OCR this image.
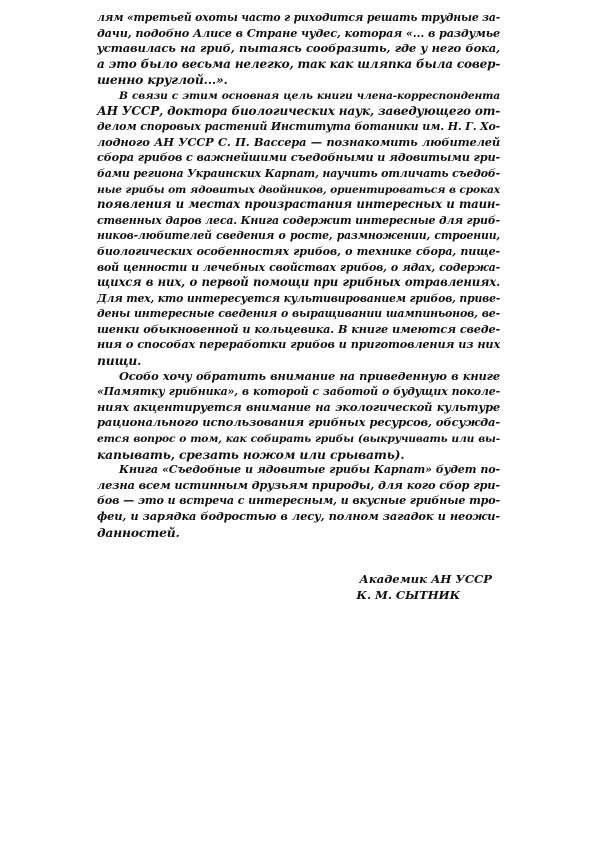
лям «третьей охоты часто г риходится решать трудные за-
дачи, подобно Алисе в Стране чудес, которая «... в раздумье
уставилась на гриб, пытаясь сообразить, где у него бока,
а это было весьма нелегко, так как шляпка была совер-
шенно круглой...».
В связи с этим основная цель книги члена-корреспондента
АН УССР, доктора биологических наук, заведующего от-
делом споровых растений Института ботаники им. Н. Г. Хо-
лодного АН УССР С. П. Вассера — познакомить любителей
сбора грибов с важнейшими съедобными и ядовитыми гри-
бами региона Украинских Карпат, научить отличать съедоб-
ные грибы от ядовитых двойников, ориентироваться в сроках
появления и местах произрастания интересных и таин-
ственных даров леса. Книга содержит интересные для гриб-
ников-любителей сведения о росте, размножении, строении,
биологических особенностях грибов, о технике сбора, пище-
вой ценности и лечебных свойствах грибов, о ядах, содержа-
щихся в них, о первой помощи при грибных отравлениях.
Для тех, кто интересуется культивированием грибов, приве-
дены интересные сведения о выращивании шампиньонов, ве-
шенки обыкновенной и кольцевика. В книге имеются сведе-
ния о способах переработки грибов и приготовления из них
пищи.
Особо хочу обратить внимание на приведенную в книге
«Памятку грибника», в которой с заботой о будущих поколе-
ниях акцентируется внимание на экологической культуре
рационального использования грибных ресурсов, обсужда-
ется вопрос о том, как собирать грибы (выкручивать или вы-
капывать, срезать ножом или срывать).
Книга «Съедобные и ядовитые грибы Карпат» будет по-
лезна всем истинным друзьям природы, для кого сбор гри-
бов — это и встреча с интересным, и вкусные грибные тро-
феи, и зарядка бодростью в лесу, полном загадок и неожи-
данностей.
Академик АН УССР
К. М. СЫТНИК
